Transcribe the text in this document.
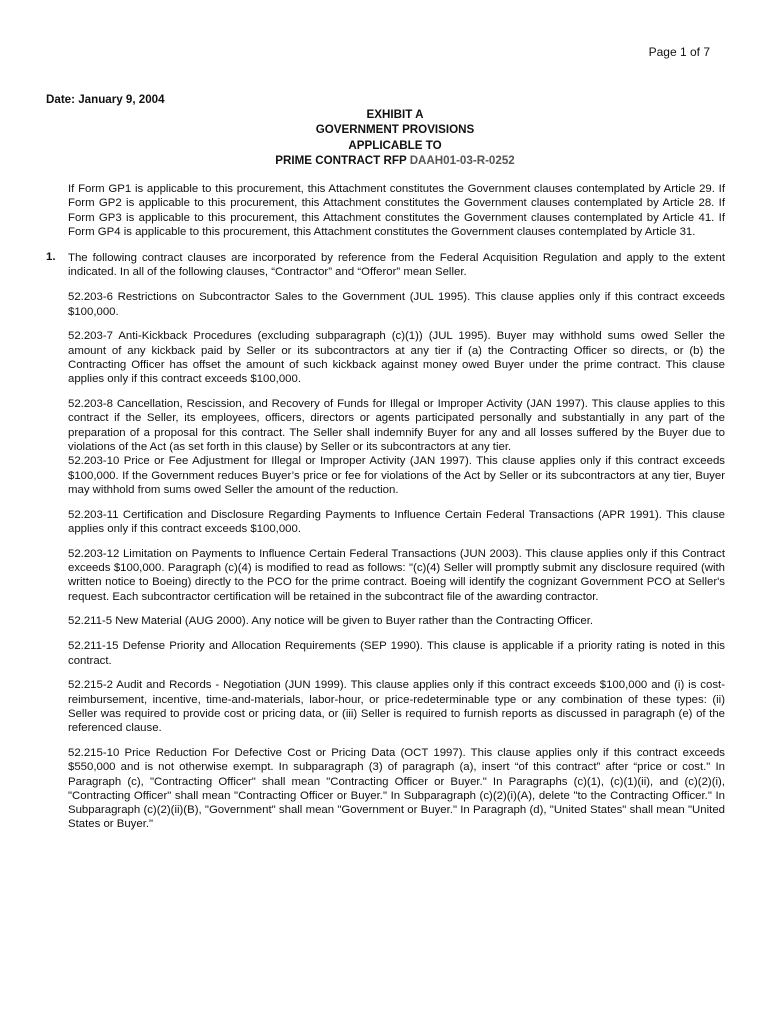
Page 1 of 7
Date: January 9, 2004
EXHIBIT A
GOVERNMENT PROVISIONS
APPLICABLE TO
PRIME CONTRACT RFP DAAH01-03-R-0252

If Form GP1 is applicable to this procurement, this Attachment constitutes the Government clauses contemplated by Article 29. If Form GP2 is applicable to this procurement, this Attachment constitutes the Government clauses contemplated by Article 28. If Form GP3 is applicable to this procurement, this Attachment constitutes the Government clauses contemplated by Article 41. If Form GP4 is applicable to this procurement, this Attachment constitutes the Government clauses contemplated by Article 31.

1. The following contract clauses are incorporated by reference from the Federal Acquisition Regulation and apply to the extent indicated. In all of the following clauses, “Contractor” and “Offeror” mean Seller.

52.203-6 Restrictions on Subcontractor Sales to the Government (JUL 1995). This clause applies only if this contract exceeds $100,000.

52.203-7 Anti-Kickback Procedures (excluding subparagraph (c)(1)) (JUL 1995). Buyer may withhold sums owed Seller the amount of any kickback paid by Seller or its subcontractors at any tier if (a) the Contracting Officer so directs, or (b) the Contracting Officer has offset the amount of such kickback against money owed Buyer under the prime contract. This clause applies only if this contract exceeds $100,000.

52.203-8 Cancellation, Rescission, and Recovery of Funds for Illegal or Improper Activity (JAN 1997). This clause applies to this contract if the Seller, its employees, officers, directors or agents participated personally and substantially in any part of the preparation of a proposal for this contract. The Seller shall indemnify Buyer for any and all losses suffered by the Buyer due to violations of the Act (as set forth in this clause) by Seller or its subcontractors at any tier.

52.203-10 Price or Fee Adjustment for Illegal or Improper Activity (JAN 1997). This clause applies only if this contract exceeds $100,000. If the Government reduces Buyer’s price or fee for violations of the Act by Seller or its subcontractors at any tier, Buyer may withhold from sums owed Seller the amount of the reduction.

52.203-11 Certification and Disclosure Regarding Payments to Influence Certain Federal Transactions (APR 1991). This clause applies only if this contract exceeds $100,000.

52.203-12 Limitation on Payments to Influence Certain Federal Transactions (JUN 2003). This clause applies only if this Contract exceeds $100,000. Paragraph (c)(4) is modified to read as follows: "(c)(4) Seller will promptly submit any disclosure required (with written notice to Boeing) directly to the PCO for the prime contract. Boeing will identify the cognizant Government PCO at Seller's request. Each subcontractor certification will be retained in the subcontract file of the awarding contractor.

52.211-5 New Material (AUG 2000). Any notice will be given to Buyer rather than the Contracting Officer.

52.211-15 Defense Priority and Allocation Requirements (SEP 1990). This clause is applicable if a priority rating is noted in this contract.

52.215-2 Audit and Records - Negotiation (JUN 1999). This clause applies only if this contract exceeds $100,000 and (i) is cost-reimbursement, incentive, time-and-materials, labor-hour, or price-redeterminable type or any combination of these types: (ii) Seller was required to provide cost or pricing data, or (iii) Seller is required to furnish reports as discussed in paragraph (e) of the referenced clause.

52.215-10 Price Reduction For Defective Cost or Pricing Data (OCT 1997). This clause applies only if this contract exceeds $550,000 and is not otherwise exempt. In subparagraph (3) of paragraph (a), insert “of this contract” after “price or cost." In Paragraph (c), "Contracting Officer" shall mean "Contracting Officer or Buyer." In Paragraphs (c)(1), (c)(1)(ii), and (c)(2)(i), "Contracting Officer" shall mean "Contracting Officer or Buyer." In Subparagraph (c)(2)(i)(A), delete "to the Contracting Officer." In Subparagraph (c)(2)(ii)(B), "Government" shall mean "Government or Buyer." In Paragraph (d), "United States" shall mean "United States or Buyer."
